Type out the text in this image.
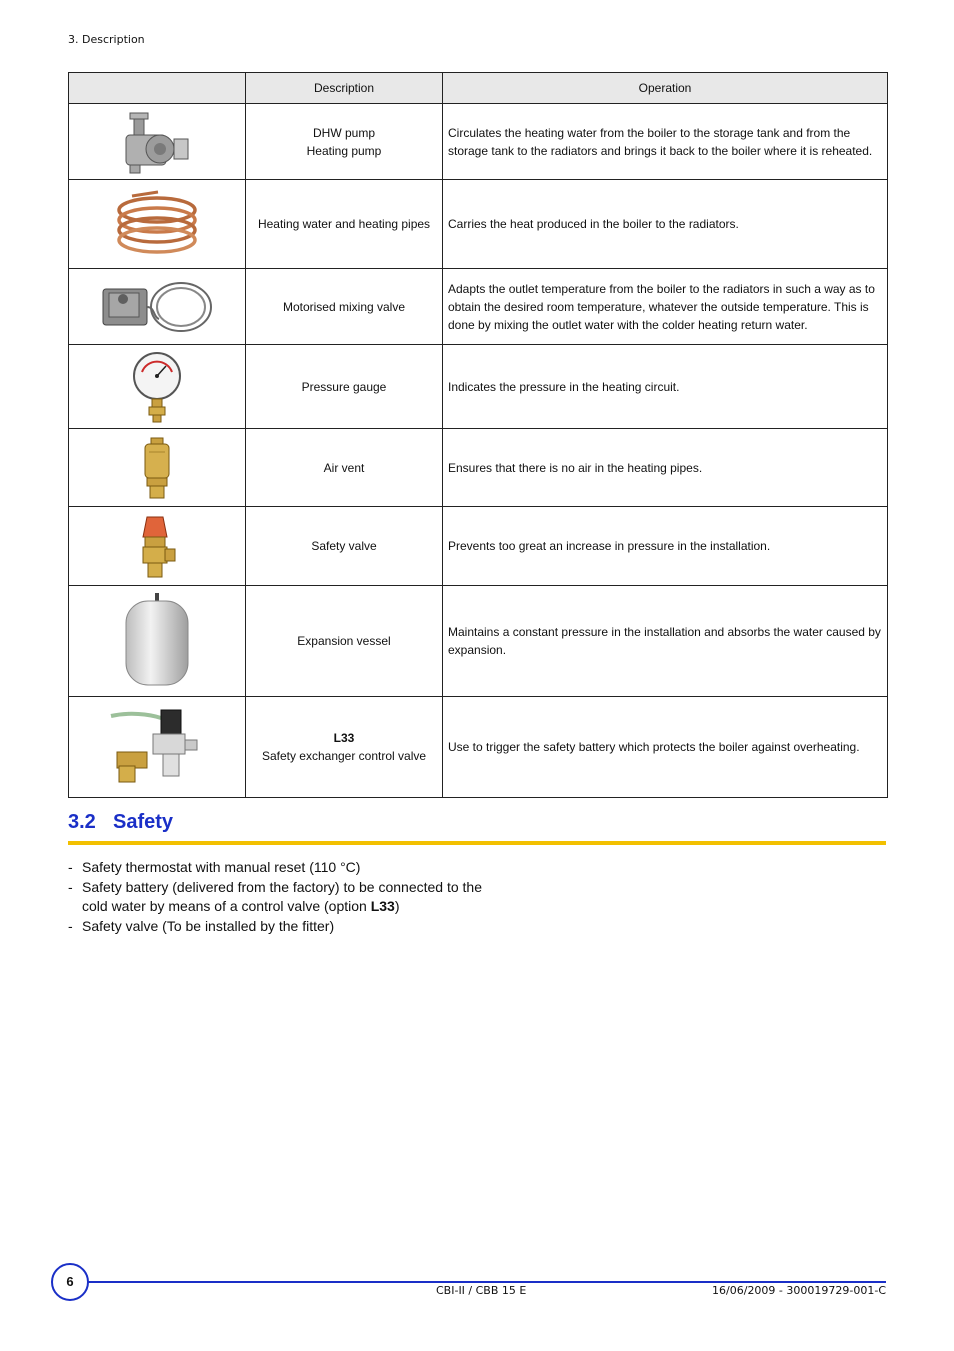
3. Description
	Description	Operation

DHW pump
Heating pump	Circulates the heating water from the boiler to the storage tank and from the storage tank to the radiators and brings it back to the boiler where it is reheated.

Heating water and heating pipes	Carries the heat produced in the boiler to the radiators.

Motorised mixing valve	Adapts the outlet temperature from the boiler to the radiators in such a way as to obtain the desired room temperature, whatever the outside temperature. This is done by mixing the outlet water with the colder heating return water.

Pressure gauge	Indicates the pressure in the heating circuit.

Air vent	Ensures that there is no air in the heating pipes.

Safety valve	Prevents too great an increase in pressure in the installation.

Expansion vessel	Maintains a constant pressure in the installation and absorbs the water caused by expansion.

L33
Safety exchanger control valve	Use to trigger the safety battery which protects the boiler against overheating.
3.2 Safety
- Safety thermostat with manual reset (110 °C)
- Safety battery (delivered from the factory) to be connected to the cold water by means of a control valve (option L33)
- Safety valve (To be installed by the fitter)
6
CBI-II / CBB 15 E	16/06/2009 - 300019729-001-C
